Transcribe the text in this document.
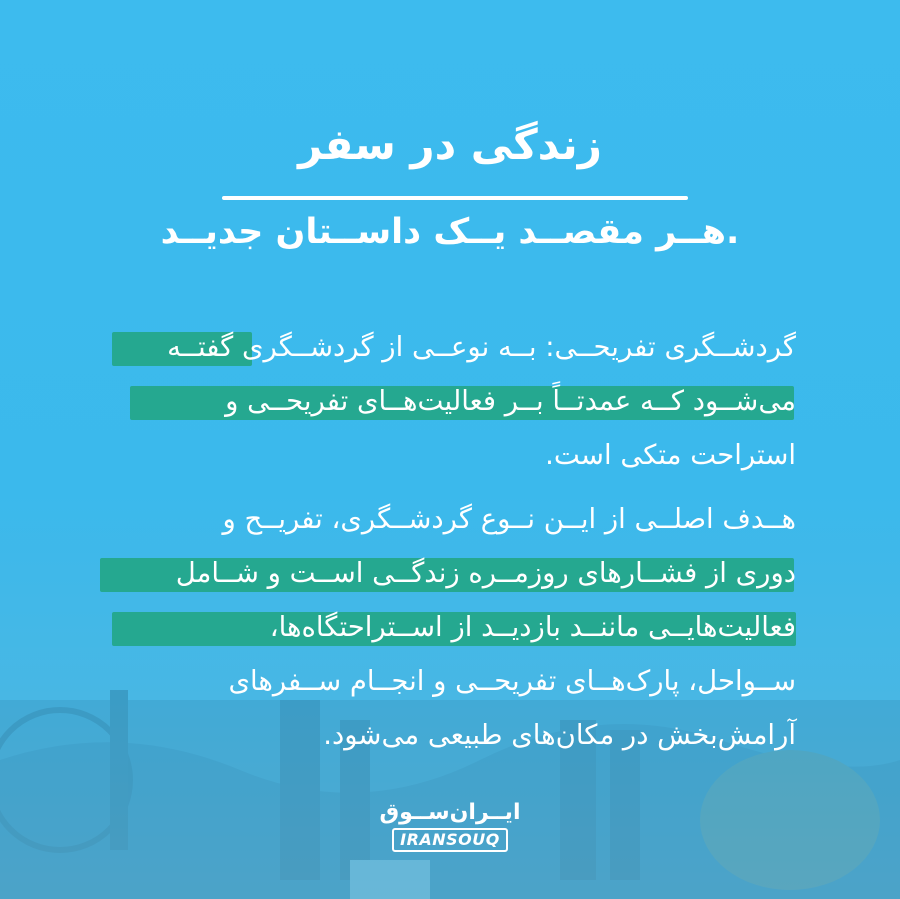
زندگی در سفر
.هــر مقصــد یــک داســتان جدیــد
گردشــگری تفریحــی: بــه نوعــی از گردشــگری گفتــه
می‌شــود کــه عمدتــاً بــر فعالیت‌هــای تفریحــی و
استراحت متکی است.
هــدف اصلــی از ایــن نــوع گردشــگری، تفریــح و
دوری از فشــارهای روزمــره زندگــی اســت و شــامل
فعالیت‌هایــی ماننــد بازدیــد از اســتراحتگاه‌ها،
ســواحل، پارک‌هــای تفریحــی و انجــام ســفرهای
آرامش‌بخش در مکان‌های طبیعی می‌شود.
ایــران‌ســوق
IRANSOUQ
